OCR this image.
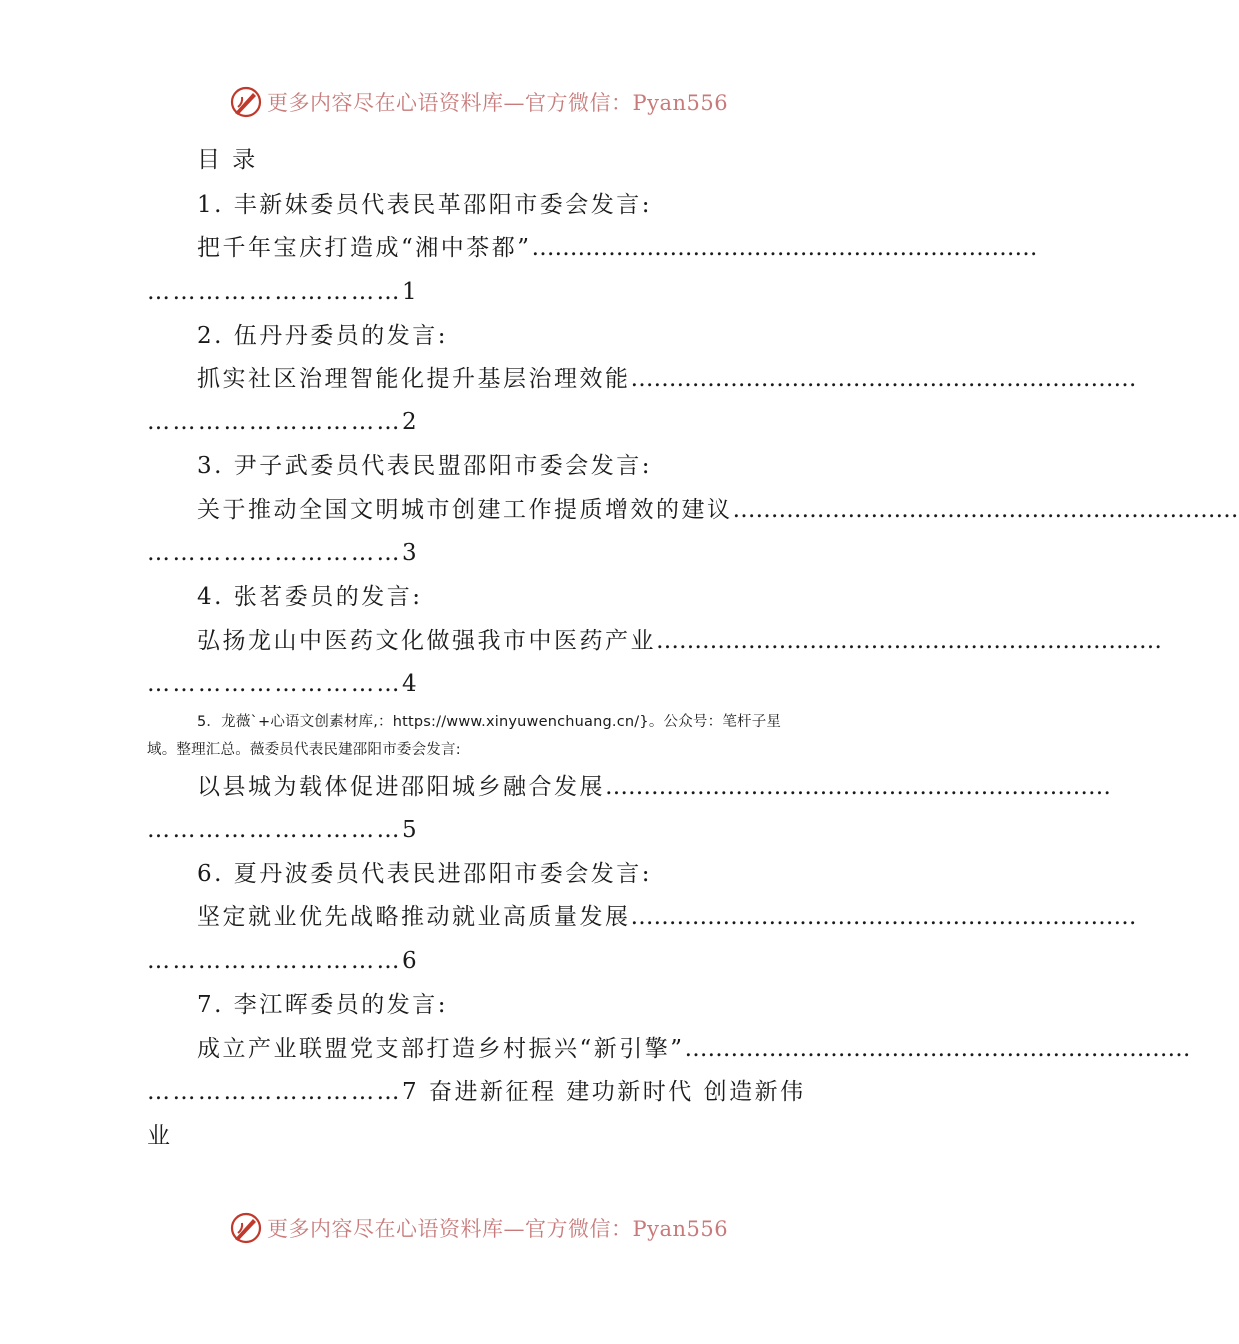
更多内容尽在心语资料库—官方微信：Pyan556
目 录
1. 丰新妹委员代表民革邵阳市委会发言:
把千年宝庆打造成“湘中茶都”…………………………………………………………
…………………………1
2. 伍丹丹委员的发言:
抓实社区治理智能化提升基层治理效能…………………………………………………………
…………………………2
3. 尹子武委员代表民盟邵阳市委会发言:
关于推动全国文明城市创建工作提质增效的建议…………………………………………………………
…………………………3
4. 张茗委员的发言:
弘扬龙山中医药文化做强我市中医药产业…………………………………………………………
…………………………4
5．龙薇`+心语文创素材库,：https://www.xinyuwenchuang.cn/}。公众号：笔杆子星
域。整理汇总。薇委员代表民建邵阳市委会发言:
以县城为载体促进邵阳城乡融合发展…………………………………………………………
…………………………5
6. 夏丹波委员代表民进邵阳市委会发言:
坚定就业优先战略推动就业高质量发展…………………………………………………………
…………………………6
7. 李江晖委员的发言:
成立产业联盟党支部打造乡村振兴“新引擎”…………………………………………………………
…………………………7 奋进新征程 建功新时代 创造新伟
业
更多内容尽在心语资料库—官方微信：Pyan556
